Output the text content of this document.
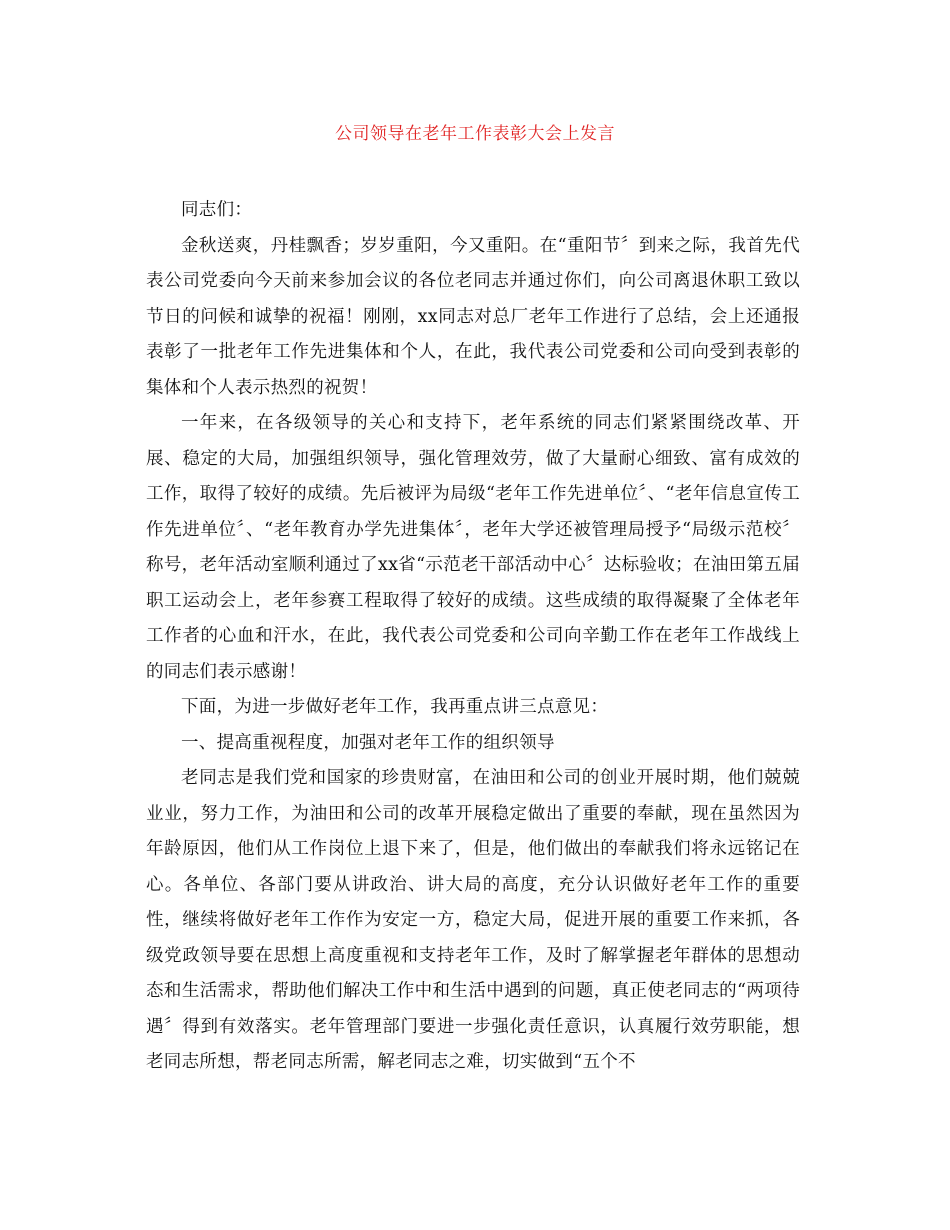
公司领导在老年工作表彰大会上发言

同志们：

金秋送爽，丹桂飘香；岁岁重阳，今又重阳。在“重阳节〞到来之际，我首先代表公司党委向今天前来参加会议的各位老同志并通过你们，向公司离退休职工致以节日的问候和诚挚的祝福！刚刚，xx同志对总厂老年工作进行了总结，会上还通报表彰了一批老年工作先进集体和个人，在此，我代表公司党委和公司向受到表彰的集体和个人表示热烈的祝贺！

一年来，在各级领导的关心和支持下，老年系统的同志们紧紧围绕改革、开展、稳定的大局，加强组织领导，强化管理效劳，做了大量耐心细致、富有成效的工作，取得了较好的成绩。先后被评为局级“老年工作先进单位〞、“老年信息宣传工作先进单位〞、“老年教育办学先进集体〞，老年大学还被管理局授予“局级示范校〞称号，老年活动室顺利通过了xx省“示范老干部活动中心〞达标验收；在油田第五届职工运动会上，老年参赛工程取得了较好的成绩。这些成绩的取得凝聚了全体老年工作者的心血和汗水，在此，我代表公司党委和公司向辛勤工作在老年工作战线上的同志们表示感谢！

下面，为进一步做好老年工作，我再重点讲三点意见：

一、提高重视程度，加强对老年工作的组织领导

老同志是我们党和国家的珍贵财富，在油田和公司的创业开展时期，他们兢兢业业，努力工作，为油田和公司的改革开展稳定做出了重要的奉献，现在虽然因为年龄原因，他们从工作岗位上退下来了，但是，他们做出的奉献我们将永远铭记在心。各单位、各部门要从讲政治、讲大局的高度，充分认识做好老年工作的重要性，继续将做好老年工作作为安定一方，稳定大局，促进开展的重要工作来抓，各级党政领导要在思想上高度重视和支持老年工作，及时了解掌握老年群体的思想动态和生活需求，帮助他们解决工作中和生活中遇到的问题，真正使老同志的“两项待遇〞得到有效落实。老年管理部门要进一步强化责任意识，认真履行效劳职能，想老同志所想，帮老同志所需，解老同志之难，切实做到“五个不
